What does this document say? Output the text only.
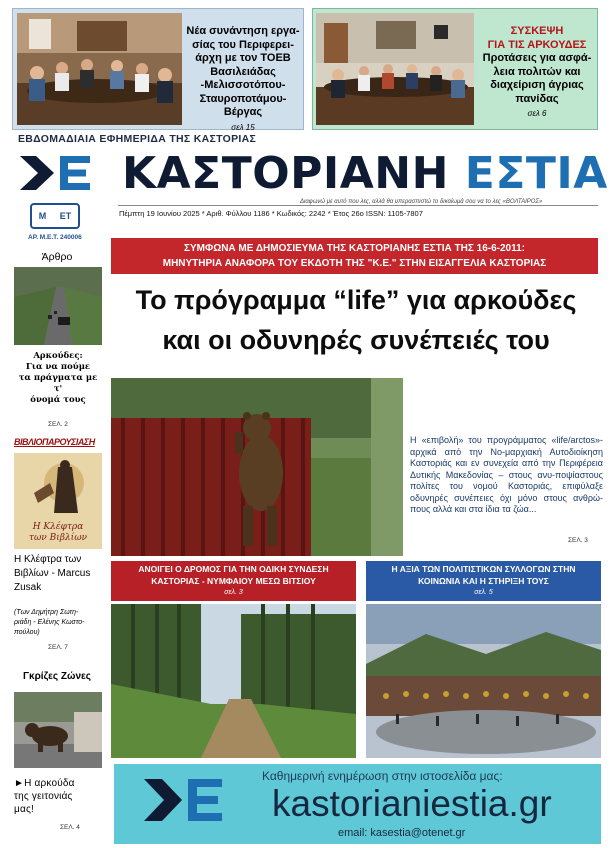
Νέα συνάντηση εργα-
σίας του Περιφερει-
άρχη με τον ΤΟΕΒ
Βασιλειάδας
-Μελισσοτόπου-
Σταυροποτάμου-
Βέργας
σελ 15
ΣΥΣΚΕΨΗ
ΓΙΑ ΤΙΣ ΑΡΚΟΥΔΕΣ
Προτάσεις για ασφά-
λεια πολιτών και
διαχείριση άγριας
πανίδας
σελ 6
ΕΒΔΟΜΑΔΙΑΙΑ ΕΦΗΜΕΡΙΔΑ ΤΗΣ ΚΑΣΤΟΡΙΑΣ
ΚΑΣΤΟΡΙΑΝΗ ΕΣΤΙΑ
Διαφωνώ με αυτό που λες, αλλά θα υπερασπιστώ το δικαίωμά σου να το λες «ΒΟΛΤΑΙΡΟΣ»
Πέμπτη 19 Ιουνίου 2025 * Αριθ. Φύλλου 1186 * Κωδικός: 2242 * Έτος 26ο ISSN: 1105-7807
Μ ΕΤ
ΑΡ. Μ.Ε.Τ. 240006
Άρθρο
Αρκούδες:
Για να πούμε
τα πράγματα με τ'
όνομά τους
ΣΕΛ. 2
ΒΙΒΛΙΟΠΑΡΟΥΣΙΑΣΗ
Η Κλέφτρα
των Βιβλίων
Η Κλέφτρα των
Βιβλίων - Marcus
Zusak
(Των Δημήτρη Σωτη-
ριάδη - Ελένης Κωστο-
πούλου)
ΣΕΛ. 7
Γκρίζες Ζώνες
►Η αρκούδα
της γειτονιάς
μας!
ΣΕΛ. 4
ΣΥΜΦΩΝΑ ΜΕ ΔΗΜΟΣΙΕΥΜΑ ΤΗΣ ΚΑΣΤΟΡΙΑΝΗΣ ΕΣΤΙΑ ΤΗΣ 16-6-2011:
ΜΗΝΥΤΗΡΙΑ ΑΝΑΦΟΡΑ ΤΟΥ ΕΚΔΟΤΗ ΤΗΣ "Κ.Ε." ΣΤΗΝ ΕΙΣΑΓΓΕΛΙΑ ΚΑΣΤΟΡΙΑΣ
Το πρόγραμμα “life” για αρκούδες
και οι οδυνηρές συνέπειές του
Η «επιβολή» του προγράμματος «life/arctos»- αρχικά από την Νο-μαρχιακή Αυτοδιοίκηση Καστοριάς και εν συνεχεία από την Περιφέρεια Δυτικής Μακεδονίας – στους ανυ-ποψίαστους πολίτες του νομού Καστοριάς, επιφύλαξε οδυνηρές συνέπειες όχι μόνο στους ανθρώ-πους αλλά και στα ίδια τα ζώα...
ΣΕΛ. 3
ΑΝΟΙΓΕΙ Ο ΔΡΟΜΟΣ ΓΙΑ ΤΗΝ ΟΔΙΚΗ ΣΥΝΔΕΣΗ
ΚΑΣΤΟΡΙΑΣ - ΝΥΜΦΑΙΟΥ ΜΕΣΩ ΒΙΤΣΙΟΥ
σελ. 3
Η ΑΞΙΑ ΤΩΝ ΠΟΛΙΤΙΣΤΙΚΩΝ ΣΥΛΛΟΓΩΝ ΣΤΗΝ
ΚΟΙΝΩΝΙΑ ΚΑΙ Η ΣΤΗΡΙΞΗ ΤΟΥΣ
σελ. 5
Καθημερινή ενημέρωση στην ιστοσελίδα μας:
kastorianiestia.gr
email: kasestia@otenet.gr
